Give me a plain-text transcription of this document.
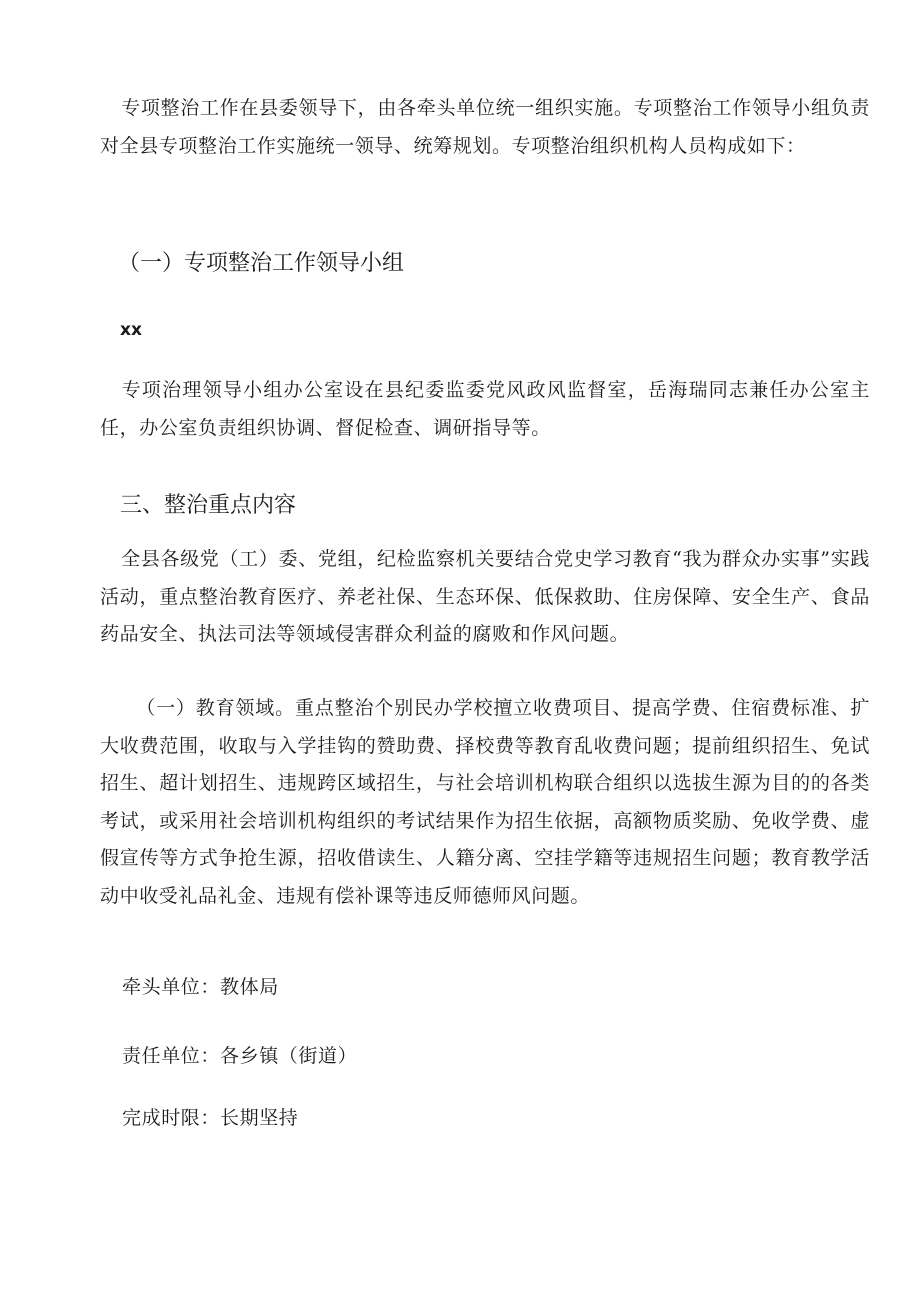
专项整治工作在县委领导下，由各牵头单位统一组织实施。专项整治工作领导小组负责对全县专项整治工作实施统一领导、统筹规划。专项整治组织机构人员构成如下：

（一）专项整治工作领导小组

xx

专项治理领导小组办公室设在县纪委监委党风政风监督室，岳海瑞同志兼任办公室主任，办公室负责组织协调、督促检查、调研指导等。

三、整治重点内容

全县各级党（工）委、党组，纪检监察机关要结合党史学习教育“我为群众办实事”实践活动，重点整治教育医疗、养老社保、生态环保、低保救助、住房保障、安全生产、食品药品安全、执法司法等领域侵害群众利益的腐败和作风问题。

（一）教育领域。重点整治个别民办学校擅立收费项目、提高学费、住宿费标准、扩大收费范围，收取与入学挂钩的赞助费、择校费等教育乱收费问题；提前组织招生、免试招生、超计划招生、违规跨区域招生，与社会培训机构联合组织以选拔生源为目的的各类考试，或采用社会培训机构组织的考试结果作为招生依据，高额物质奖励、免收学费、虚假宣传等方式争抢生源，招收借读生、人籍分离、空挂学籍等违规招生问题；教育教学活动中收受礼品礼金、违规有偿补课等违反师德师风问题。

牵头单位：教体局

责任单位：各乡镇（街道）

完成时限：长期坚持
